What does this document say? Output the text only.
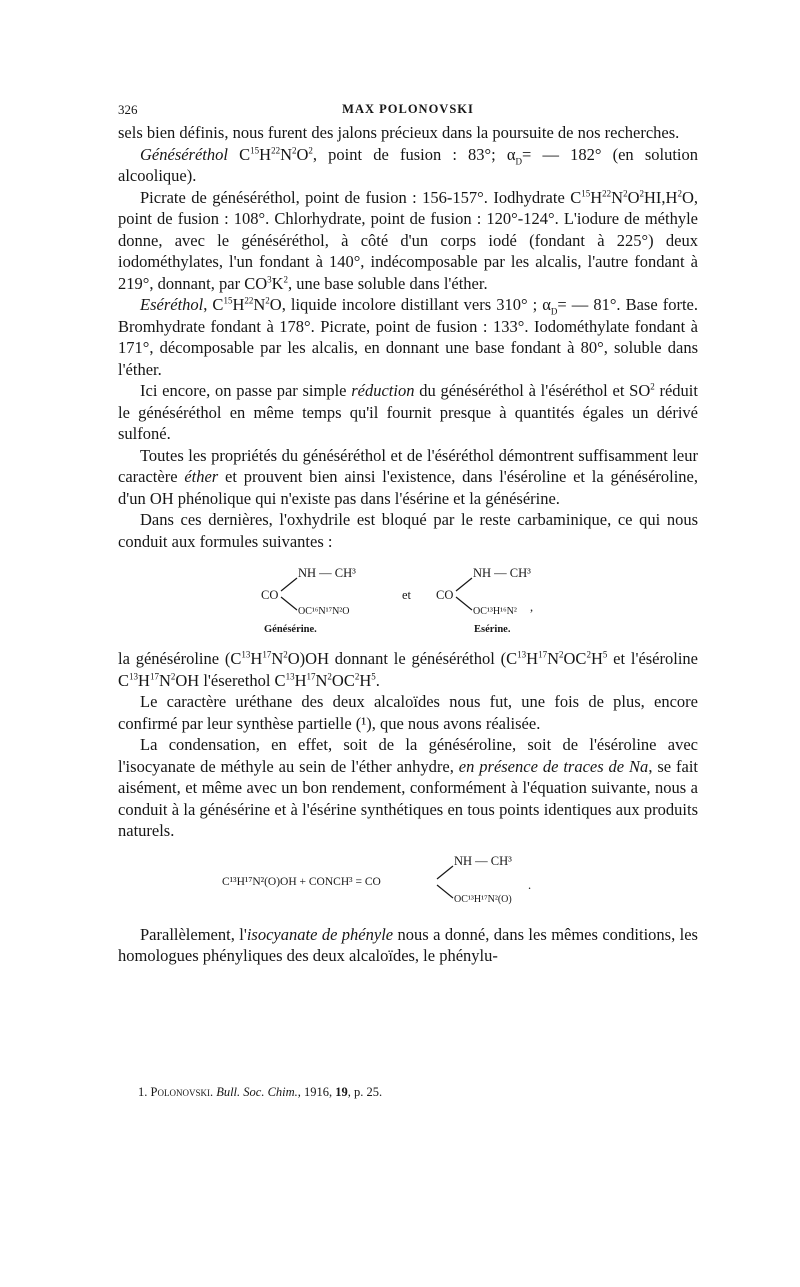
326	MAX POLONOVSKI

sels bien définis, nous furent des jalons précieux dans la poursuite de nos recherches.

Généséréthol $C^{15}H^{22}N^2O^2$, point de fusion : 83°; $\alpha_D=$ — 182° (en solution alcoolique).

Picrate de généséréthol, point de fusion : 156-157°. Iodhydrate $C^{15}H^{22}N^2O^2HI,H^2O$, point de fusion : 108°. Chlorhydrate, point de fusion : 120°-124°. L'iodure de méthyle donne, avec le généséréthol, à côté d'un corps iodé (fondant à 225°) deux iodométhylates, l'un fondant à 140°, indécomposable par les alcalis, l'autre fondant à 219°, donnant, par $CO^3K^2$, une base soluble dans l'éther.

Eséréthol, $C^{15}H^{22}N^2O$, liquide incolore distillant vers 310° ; $\alpha_D=$ — 81°. Base forte. Bromhydrate fondant à 178°. Picrate, point de fusion : 133°. Iodométhylate fondant à 171°, décomposable par les alcalis, en donnant une base fondant à 80°, soluble dans l'éther.

Ici encore, on passe par simple réduction du généséréthol à l'éséréthol et $SO^2$ réduit le généséréthol en même temps qu'il fournit presque à quantités égales un dérivé sulfoné.

Toutes les propriétés du généséréthol et de l'éséréthol démontrent suffisamment leur caractère éther et prouvent bien ainsi l'existence, dans l'éséroline et la généséroline, d'un OH phénolique qui n'existe pas dans l'ésérine et la génésérine.

Dans ces dernières, l'oxhydrile est bloqué par le reste carbaminique, ce qui nous conduit aux formules suivantes :

CO
NH — CH³
OC¹⁶N¹⁷N²O
Génésérine.
et CO
NH — CH³
OC¹³H¹⁶N² ,
Esérine.

la généséroline $(C^{13}H^{17}N^2O)OH$ donnant le généséréthol ($C^{13}H^{17}N^2OC^2H^5$ et l'éséroline $C^{13}H^{17}N^2OH$ l'éserethol $C^{13}H^{17}N^2OC^2H^5$.

Le caractère uréthane des deux alcaloïdes nous fut, une fois de plus, encore confirmé par leur synthèse partielle (¹), que nous avons réalisée.

La condensation, en effet, soit de la généséroline, soit de l'éséroline avec l'isocyanate de méthyle au sein de l'éther anhydre, en présence de traces de Na, se fait aisément, et même avec un bon rendement, conformément à l'équation suivante, nous a conduit à la génésérine et à l'ésérine synthétiques en tous points identiques aux produits naturels.

C¹³H¹⁷N²(O)OH + CONCH³ = CO
NH — CH³
OC¹³H¹⁷N²(O)
.

Parallèlement, l'isocyanate de phényle nous a donné, dans les mêmes conditions, les homologues phényliques des deux alcaloïdes, le phénylu-

1. Polonovski. Bull. Soc. Chim., 1916, 19, p. 25.
